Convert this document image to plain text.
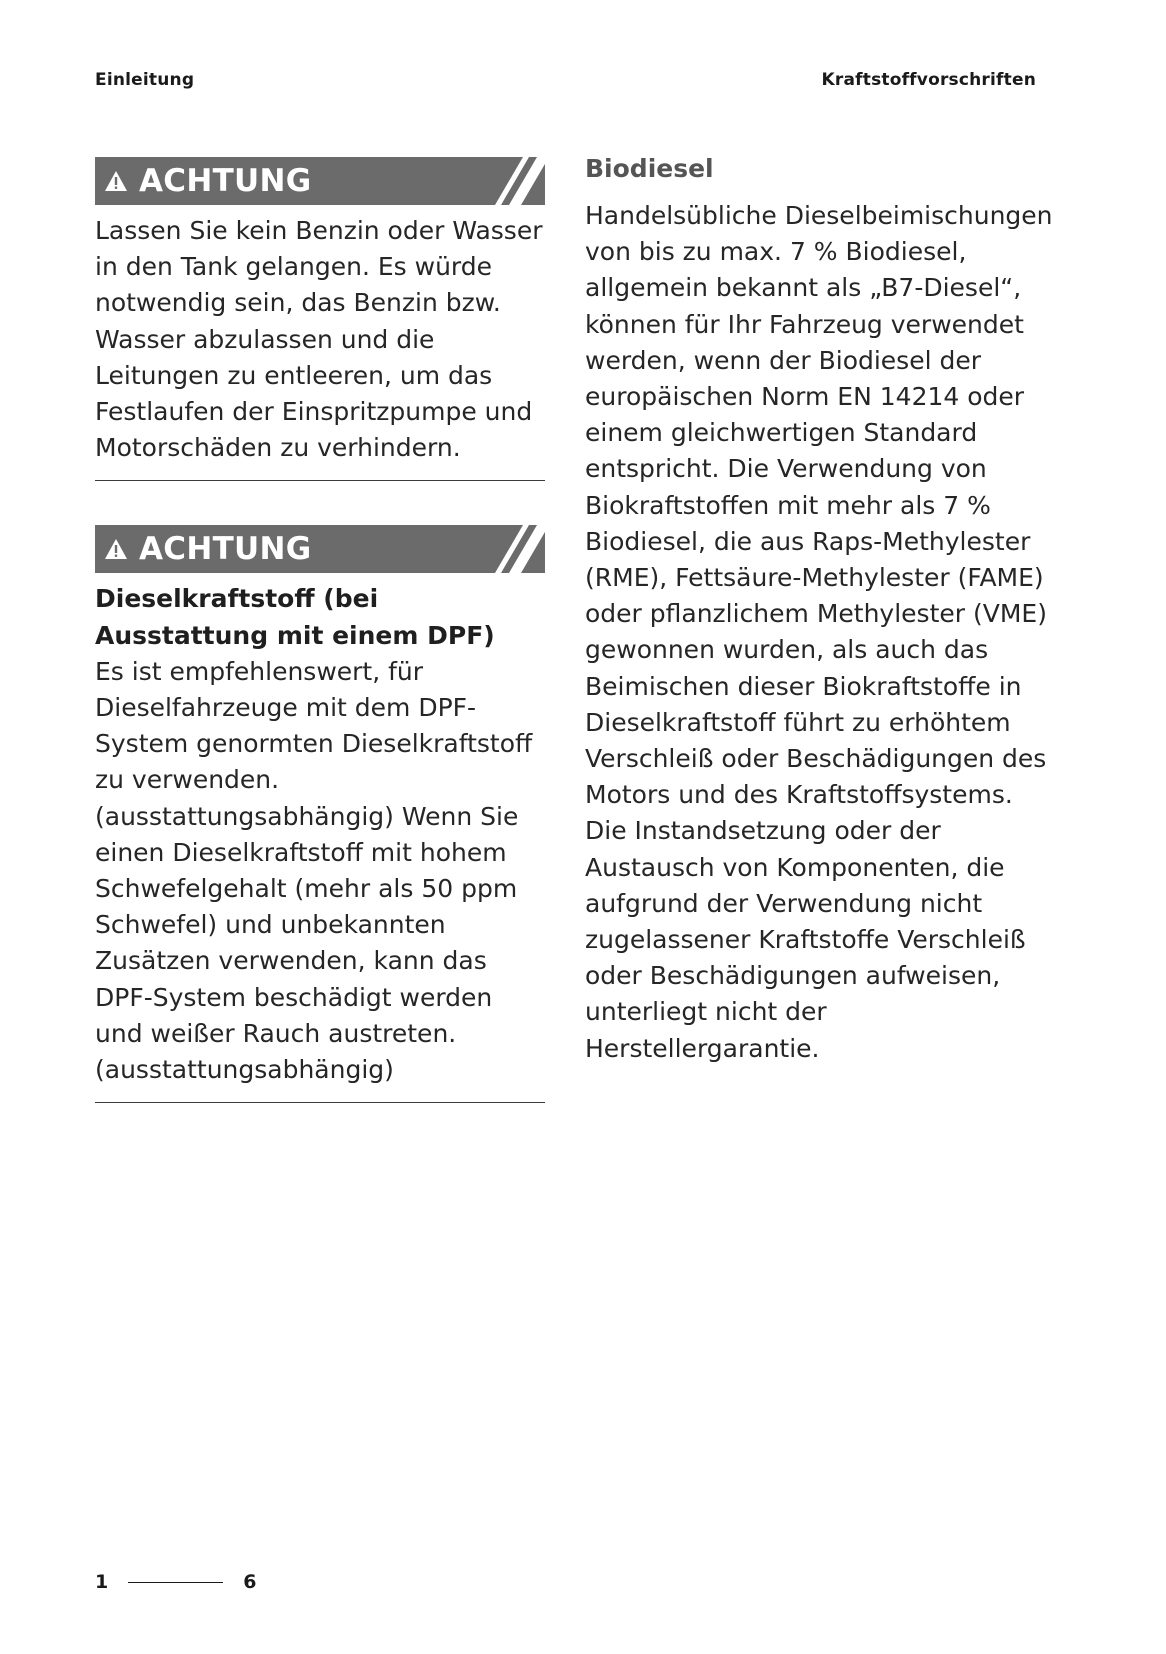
Einleitung	Kraftstoffvorschriften
ACHTUNG

Lassen Sie kein Benzin oder Wasser in den Tank gelangen. Es würde notwendig sein, das Benzin bzw. Wasser abzulassen und die Leitungen zu entleeren, um das Festlaufen der Einspritzpumpe und Motorschäden zu verhindern.

ACHTUNG

Dieselkraftstoff (bei Ausstattung mit einem DPF)

Es ist empfehlenswert, für Dieselfahrzeuge mit dem DPF-System genormten Dieselkraftstoff zu verwenden. (ausstattungsabhängig) Wenn Sie einen Dieselkraftstoff mit hohem Schwefelgehalt (mehr als 50 ppm Schwefel) und unbekannten Zusätzen verwenden, kann das DPF-System beschädigt werden und weißer Rauch austreten. (ausstattungsabhängig)

Biodiesel

Handelsübliche Dieselbeimischungen von bis zu max. 7 % Biodiesel, allgemein bekannt als „B7-Diesel“, können für Ihr Fahrzeug verwendet werden, wenn der Biodiesel der europäischen Norm EN 14214 oder einem gleichwertigen Standard entspricht. Die Verwendung von Biokraftstoffen mit mehr als 7 % Biodiesel, die aus Raps-Methylester (RME), Fettsäure-Methylester (FAME) oder pflanzlichem Methylester (VME) gewonnen wurden, als auch das Beimischen dieser Biokraftstoffe in Dieselkraftstoff führt zu erhöhtem Verschleiß oder Beschädigungen des Motors und des Kraftstoffsystems. Die Instandsetzung oder der Austausch von Komponenten, die aufgrund der Verwendung nicht zugelassener Kraftstoffe Verschleiß oder Beschädigungen aufweisen, unterliegt nicht der Herstellergarantie.

1	6
